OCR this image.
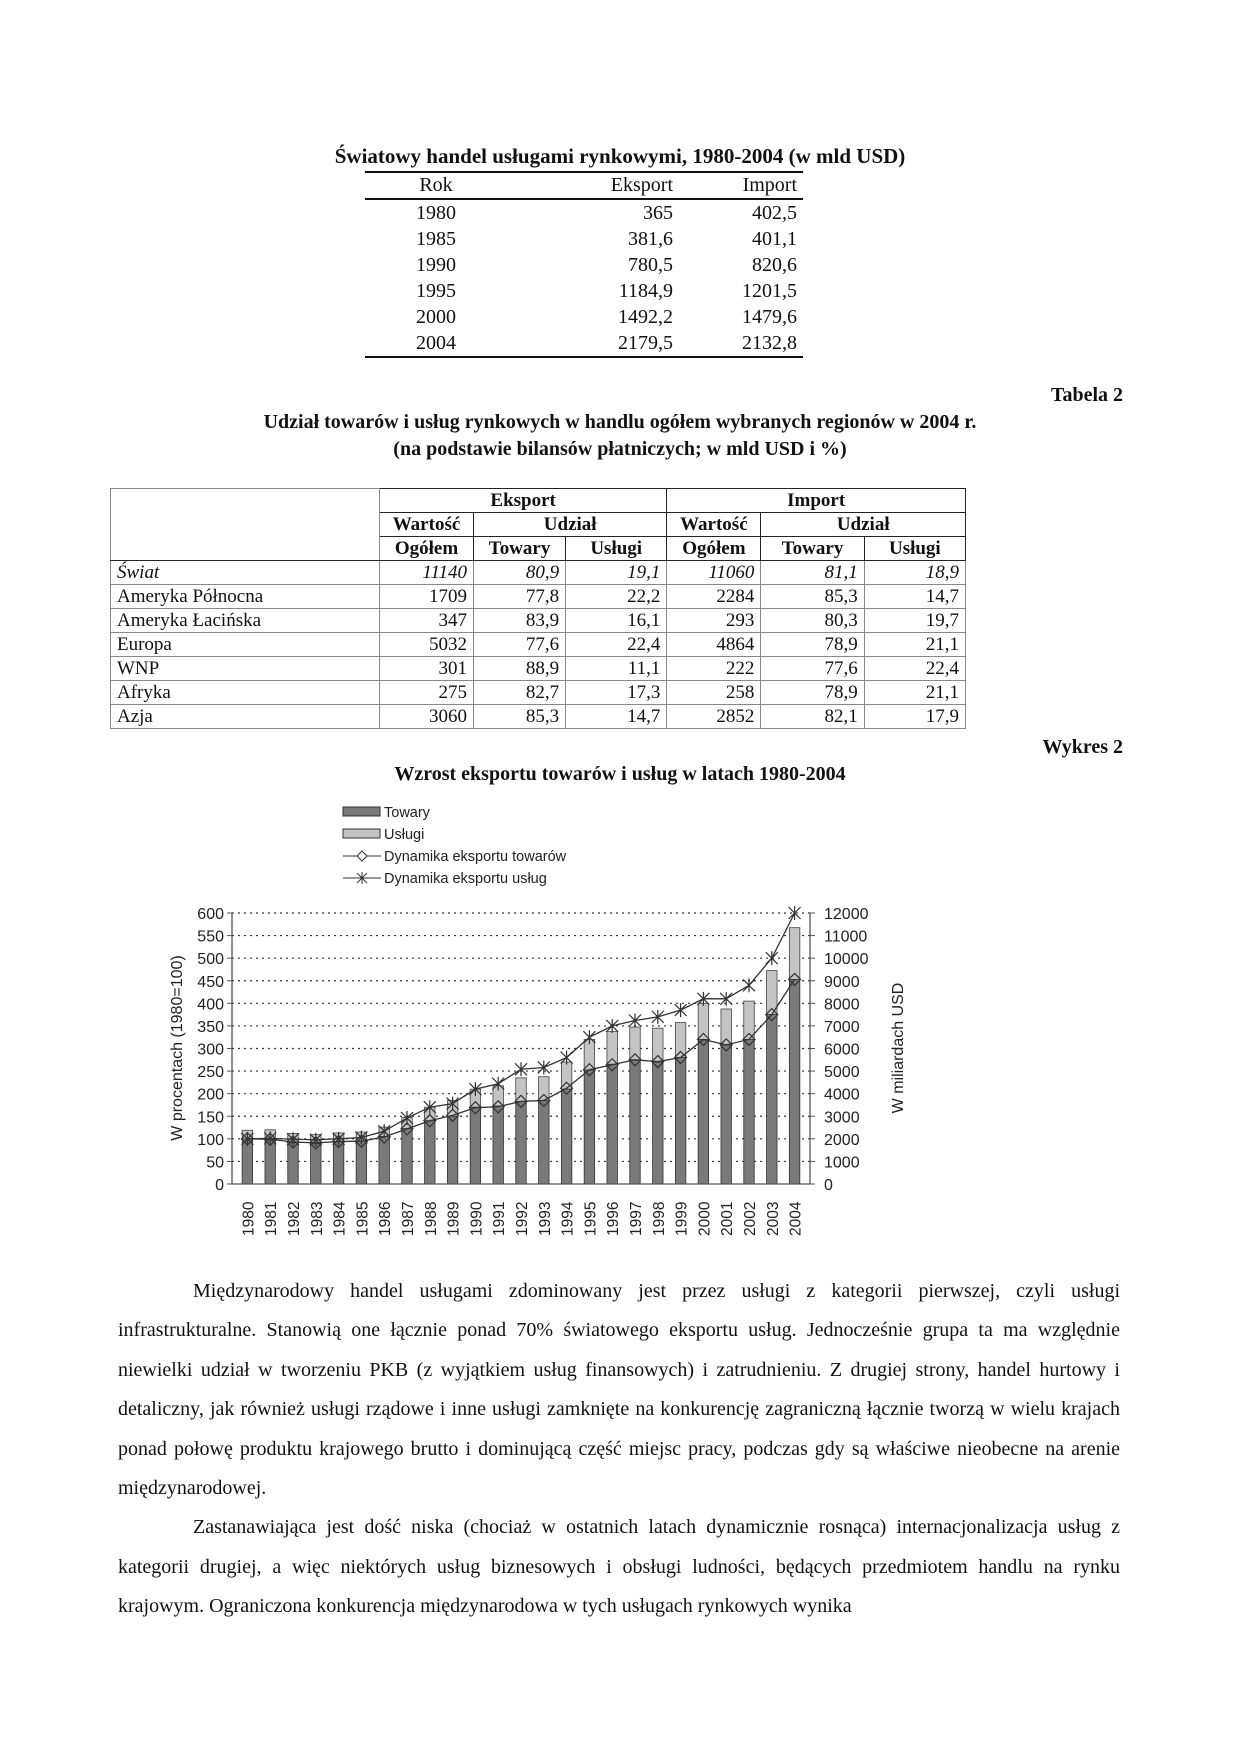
Światowy handel usługami rynkowymi, 1980-2004 (w mld USD)
Rok	Eksport	Import
1980	365	402,5
1985	381,6	401,1
1990	780,5	820,6
1995	1184,9	1201,5
2000	1492,2	1479,6
2004	2179,5	2132,8
Tabela 2
Udział towarów i usług rynkowych w handlu ogółem wybranych regionów w 2004 r.
(na podstawie bilansów płatniczych; w mld USD i %)
	Eksport			Import		
	Wartość	Udział		Wartość	Udział	
	Ogółem	Towary	Usługi	Ogółem	Towary	Usługi
Świat	11140	80,9	19,1	11060	81,1	18,9
Ameryka Północna	1709	77,8	22,2	2284	85,3	14,7
Ameryka Łacińska	347	83,9	16,1	293	80,3	19,7
Europa	5032	77,6	22,4	4864	78,9	21,1
WNP	301	88,9	11,1	222	77,6	22,4
Afryka	275	82,7	17,3	258	78,9	21,1
Azja	3060	85,3	14,7	2852	82,1	17,9
Wykres 2
Wzrost eksportu towarów i usług w latach 1980-2004
Towary
Usługi
Dynamika eksportu towarów
Dynamika eksportu usług
0
50
100
150
200
250
300
350
400
450
500
550
600
0
1000
2000
3000
4000
5000
6000
7000
8000
9000
10000
11000
12000
1980 1981 1982 1983 1984 1985 1986 1987 1988 1989 1990 1991 1992 1993 1994 1995 1996 1997 1998 1999 2000 2001 2002 2003 2004
W procentach (1980=100)	W miliardach USD

Międzynarodowy handel usługami zdominowany jest przez usługi z kategorii pierwszej, czyli usługi infrastrukturalne. Stanowią one łącznie ponad 70% światowego eksportu usług. Jednocześnie grupa ta ma względnie niewielki udział w tworzeniu PKB (z wyjątkiem usług finansowych) i zatrudnieniu. Z drugiej strony, handel hurtowy i detaliczny, jak również usługi rządowe i inne usługi zamknięte na konkurencję zagraniczną łącznie tworzą w wielu krajach ponad połowę produktu krajowego brutto i dominującą część miejsc pracy, podczas gdy są właściwe nieobecne na arenie międzynarodowej.

Zastanawiająca jest dość niska (chociaż w ostatnich latach dynamicznie rosnąca) internacjonalizacja usług z kategorii drugiej, a więc niektórych usług biznesowych i obsługi ludności, będących przedmiotem handlu na rynku krajowym. Ograniczona konkurencja międzynarodowa w tych usługach rynkowych wynika
